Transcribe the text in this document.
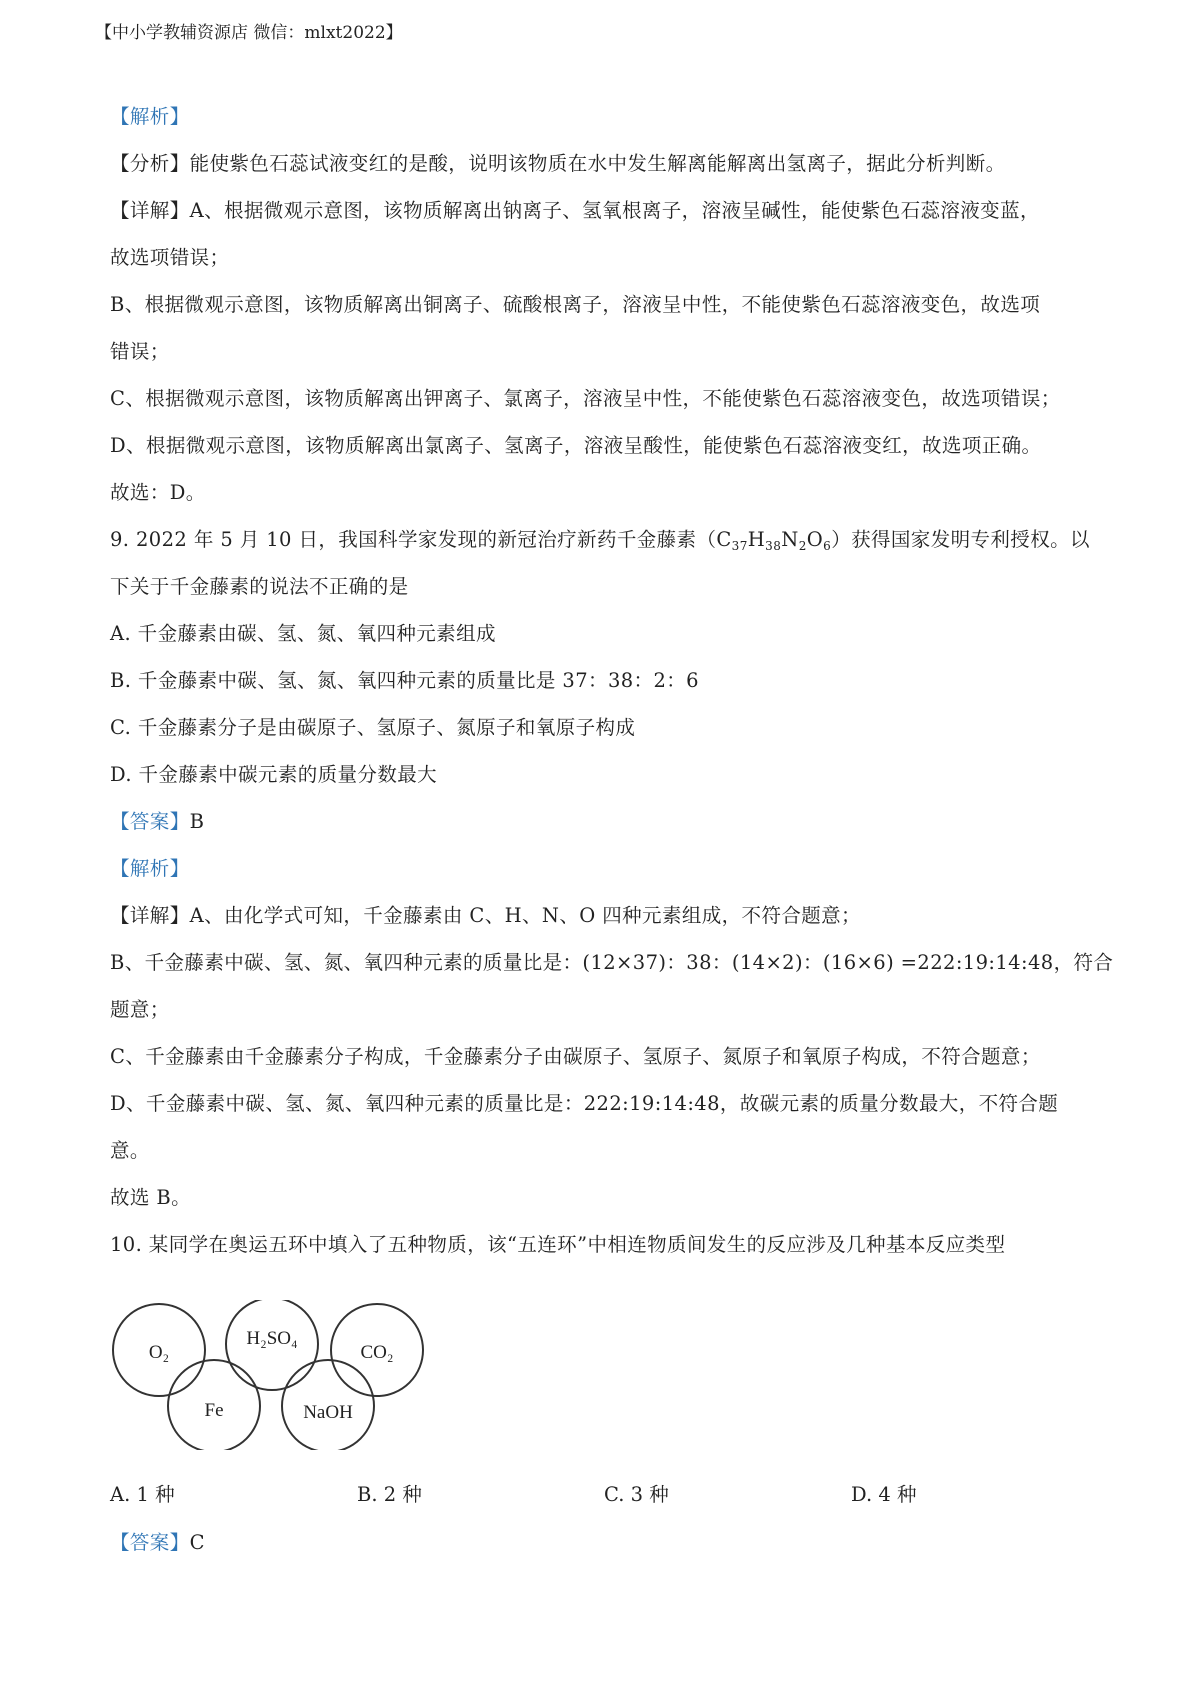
【中小学教辅资源店 微信：mlxt2022】
【解析】
【分析】能使紫色石蕊试液变红的是酸，说明该物质在水中发生解离能解离出氢离子，据此分析判断。
【详解】A、根据微观示意图，该物质解离出钠离子、氢氧根离子，溶液呈碱性，能使紫色石蕊溶液变蓝，
故选项错误；
B、根据微观示意图，该物质解离出铜离子、硫酸根离子，溶液呈中性，不能使紫色石蕊溶液变色，故选项
错误；
C、根据微观示意图，该物质解离出钾离子、氯离子，溶液呈中性，不能使紫色石蕊溶液变色，故选项错误；
D、根据微观示意图，该物质解离出氯离子、氢离子，溶液呈酸性，能使紫色石蕊溶液变红，故选项正确。
故选：D。
9. 2022 年 5 月 10 日，我国科学家发现的新冠治疗新药千金藤素$(C_{37}H_{38}N_2O_6)$获得国家发明专利授权。以
下关于千金藤素的说法不正确的是
A. 千金藤素由碳、氢、氮、氧四种元素组成
B. 千金藤素中碳、氢、氮、氧四种元素的质量比是 37：38：2：6
C. 千金藤素分子是由碳原子、氢原子、氮原子和氧原子构成
D. 千金藤素中碳元素的质量分数最大
【答案】B
【解析】
【详解】A、由化学式可知，千金藤素由 C、H、N、O 四种元素组成，不符合题意；
B、千金藤素中碳、氢、氮、氧四种元素的质量比是：(12×37)：38：(14×2)：(16×6) =222:19:14:48，符合
题意；
C、千金藤素由千金藤素分子构成，千金藤素分子由碳原子、氢原子、氮原子和氧原子构成，不符合题意；
D、千金藤素中碳、氢、氮、氧四种元素的质量比是：222:19:14:48，故碳元素的质量分数最大，不符合题
意。
故选 B。
10. 某同学在奥运五环中填入了五种物质，该“五连环”中相连物质间发生的反应涉及几种基本反应类型
O₂
H₂SO₄
CO₂
Fe	NaOH
A. 1 种	B. 2 种	C. 3 种	D. 4 种
【答案】C
